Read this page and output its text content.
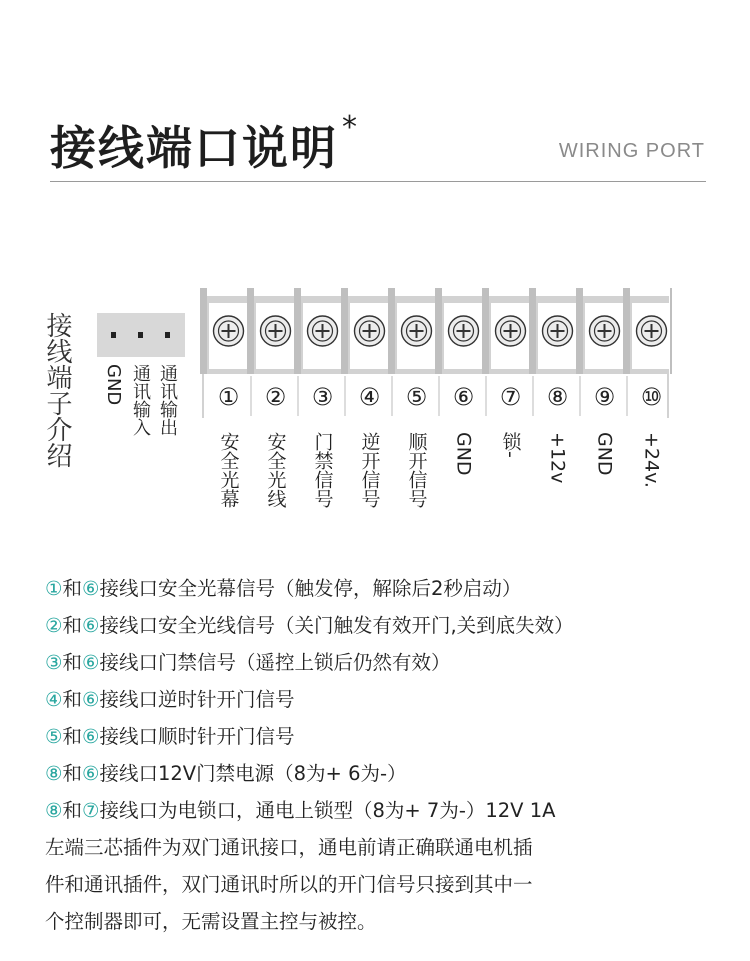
接线端口说明 *
WIRING PORT
接线端子介绍 GND 通讯输入 通讯输出 ① ② ③ ④ ⑤ ⑥ ⑦ ⑧ ⑨ ⑩
安全光幕 安全光线 门禁信号 逆开信号 顺开信号 GND 锁- +12v GND +24v.
①和⑥接线口安全光幕信号（触发停，解除后2秒启动）
②和⑥接线口安全光线信号（关门触发有效开门,关到底失效）
③和⑥接线口门禁信号（遥控上锁后仍然有效）
④和⑥接线口逆时针开门信号
⑤和⑥接线口顺时针开门信号
⑧和⑥接线口12V门禁电源（8为+ 6为-）
⑧和⑦接线口为电锁口，通电上锁型（8为+ 7为-）12V 1A
左端三芯插件为双门通讯接口，通电前请正确联通电机插
件和通讯插件，双门通讯时所以的开门信号只接到其中一
个控制器即可，无需设置主控与被控。
